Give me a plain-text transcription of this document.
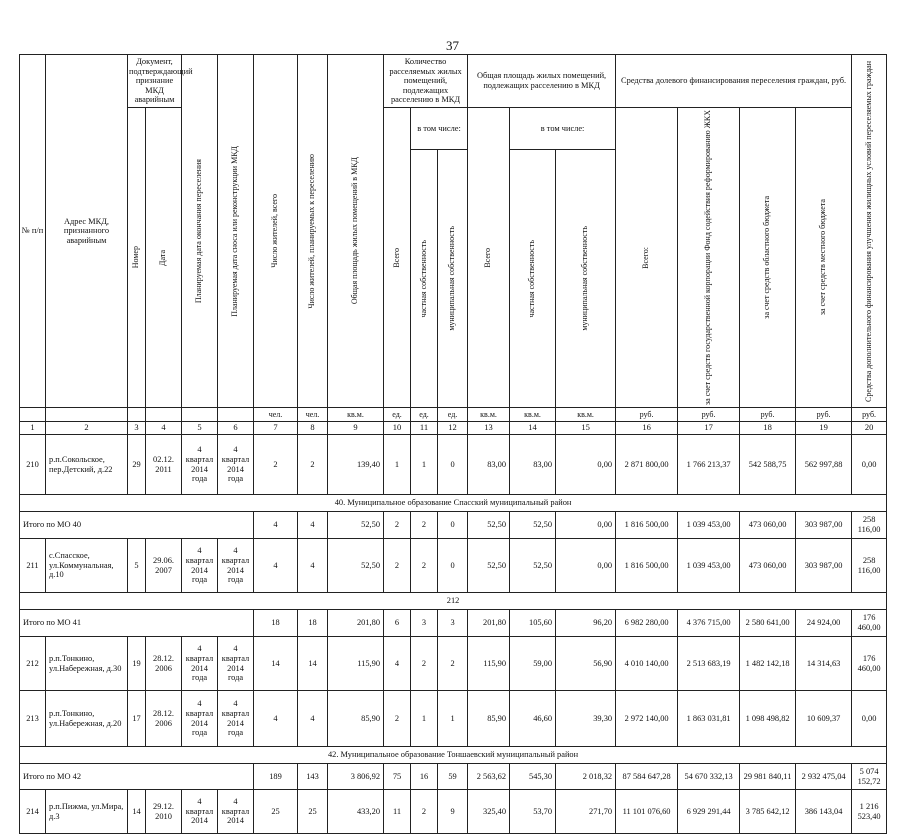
37
№ п/п	Адрес МКД, признанного аварийным	Документ, подтверждающий признание МКД аварийным		Планируемая дата окончания переселения	Планируемая дата сноса или реконструкции МКД	Число жителей, всего	Число жителей, планируемых к переселению	Общая площадь жилых помещений в МКД	Количество расселяемых жилых помещений, подлежащих расселению в МКД			Общая площадь жилых помещений, подлежащих расселению в МКД			Средства долевого финансирования переселения граждан, руб.				Средства дополнительного финансирования улучшения жилищных условий переселяемых граждан

		Номер	Дата						Всего	в том числе:		Всего	в том числе:		Всего:	за счет средств государственной корпорации Фонд содействия реформированию ЖКХ	за счет средств областного бюджета	за счет средств местного бюджета	

										частная собственность	муниципальная собственность		частная собственность	муниципальная собственность					

						чел.	чел.	кв.м.	ед.	ед.	ед.	кв.м.	кв.м.	кв.м.	руб.	руб.	руб.	руб.	руб.
1	2	3	4	5	6	7	8	9	10	11	12	13	14	15	16	17	18	19	20
210	р.п.Сокольское, пер.Детский, д.22	29	02.12. 2011	4 квартал 2014 года	4 квартал 2014 года	2	2	139,40	1	1	0	83,00	83,00	0,00	2 871 800,00	1 766 213,37	542 588,75	562 997,88	0,00
40. Муниципальное образование Спасский муниципальный район																			
Итого по МО 40						4	4	52,50	2	2	0	52,50	52,50	0,00	1 816 500,00	1 039 453,00	473 060,00	303 987,00	258 116,00
211	с.Спасское, ул.Коммунальная, д.10	5	29.06. 2007	4 квартал 2014 года	4 квартал 2014 года	4	4	52,50	2	2	0	52,50	52,50	0,00	1 816 500,00	1 039 453,00	473 060,00	303 987,00	258 116,00
212																			
Итого по МО 41						18	18	201,80	6	3	3	201,80	105,60	96,20	6 982 280,00	4 376 715,00	2 580 641,00	24 924,00	176 460,00
212	р.п.Тонкино, ул.Набережная, д.30	19	28.12. 2006	4 квартал 2014 года	4 квартал 2014 года	14	14	115,90	4	2	2	115,90	59,00	56,90	4 010 140,00	2 513 683,19	1 482 142,18	14 314,63	176 460,00
213	р.п.Тонкино, ул.Набережная, д.20	17	28.12. 2006	4 квартал 2014 года	4 квартал 2014 года	4	4	85,90	2	1	1	85,90	46,60	39,30	2 972 140,00	1 863 031,81	1 098 498,82	10 609,37	0,00
42. Муниципальное образование Тоншаевский муниципальный район																			
Итого по МО 42						189	143	3 806,92	75	16	59	2 563,62	545,30	2 018,32	87 584 647,28	54 670 332,13	29 981 840,11	2 932 475,04	5 074 152,72
214	р.п.Пижма, ул.Мира, д.3	14	29.12. 2010	4 квартал 2014	4 квартал 2014	25	25	433,20	11	2	9	325,40	53,70	271,70	11 101 076,60	6 929 291,44	3 785 642,12	386 143,04	1 216 523,40
